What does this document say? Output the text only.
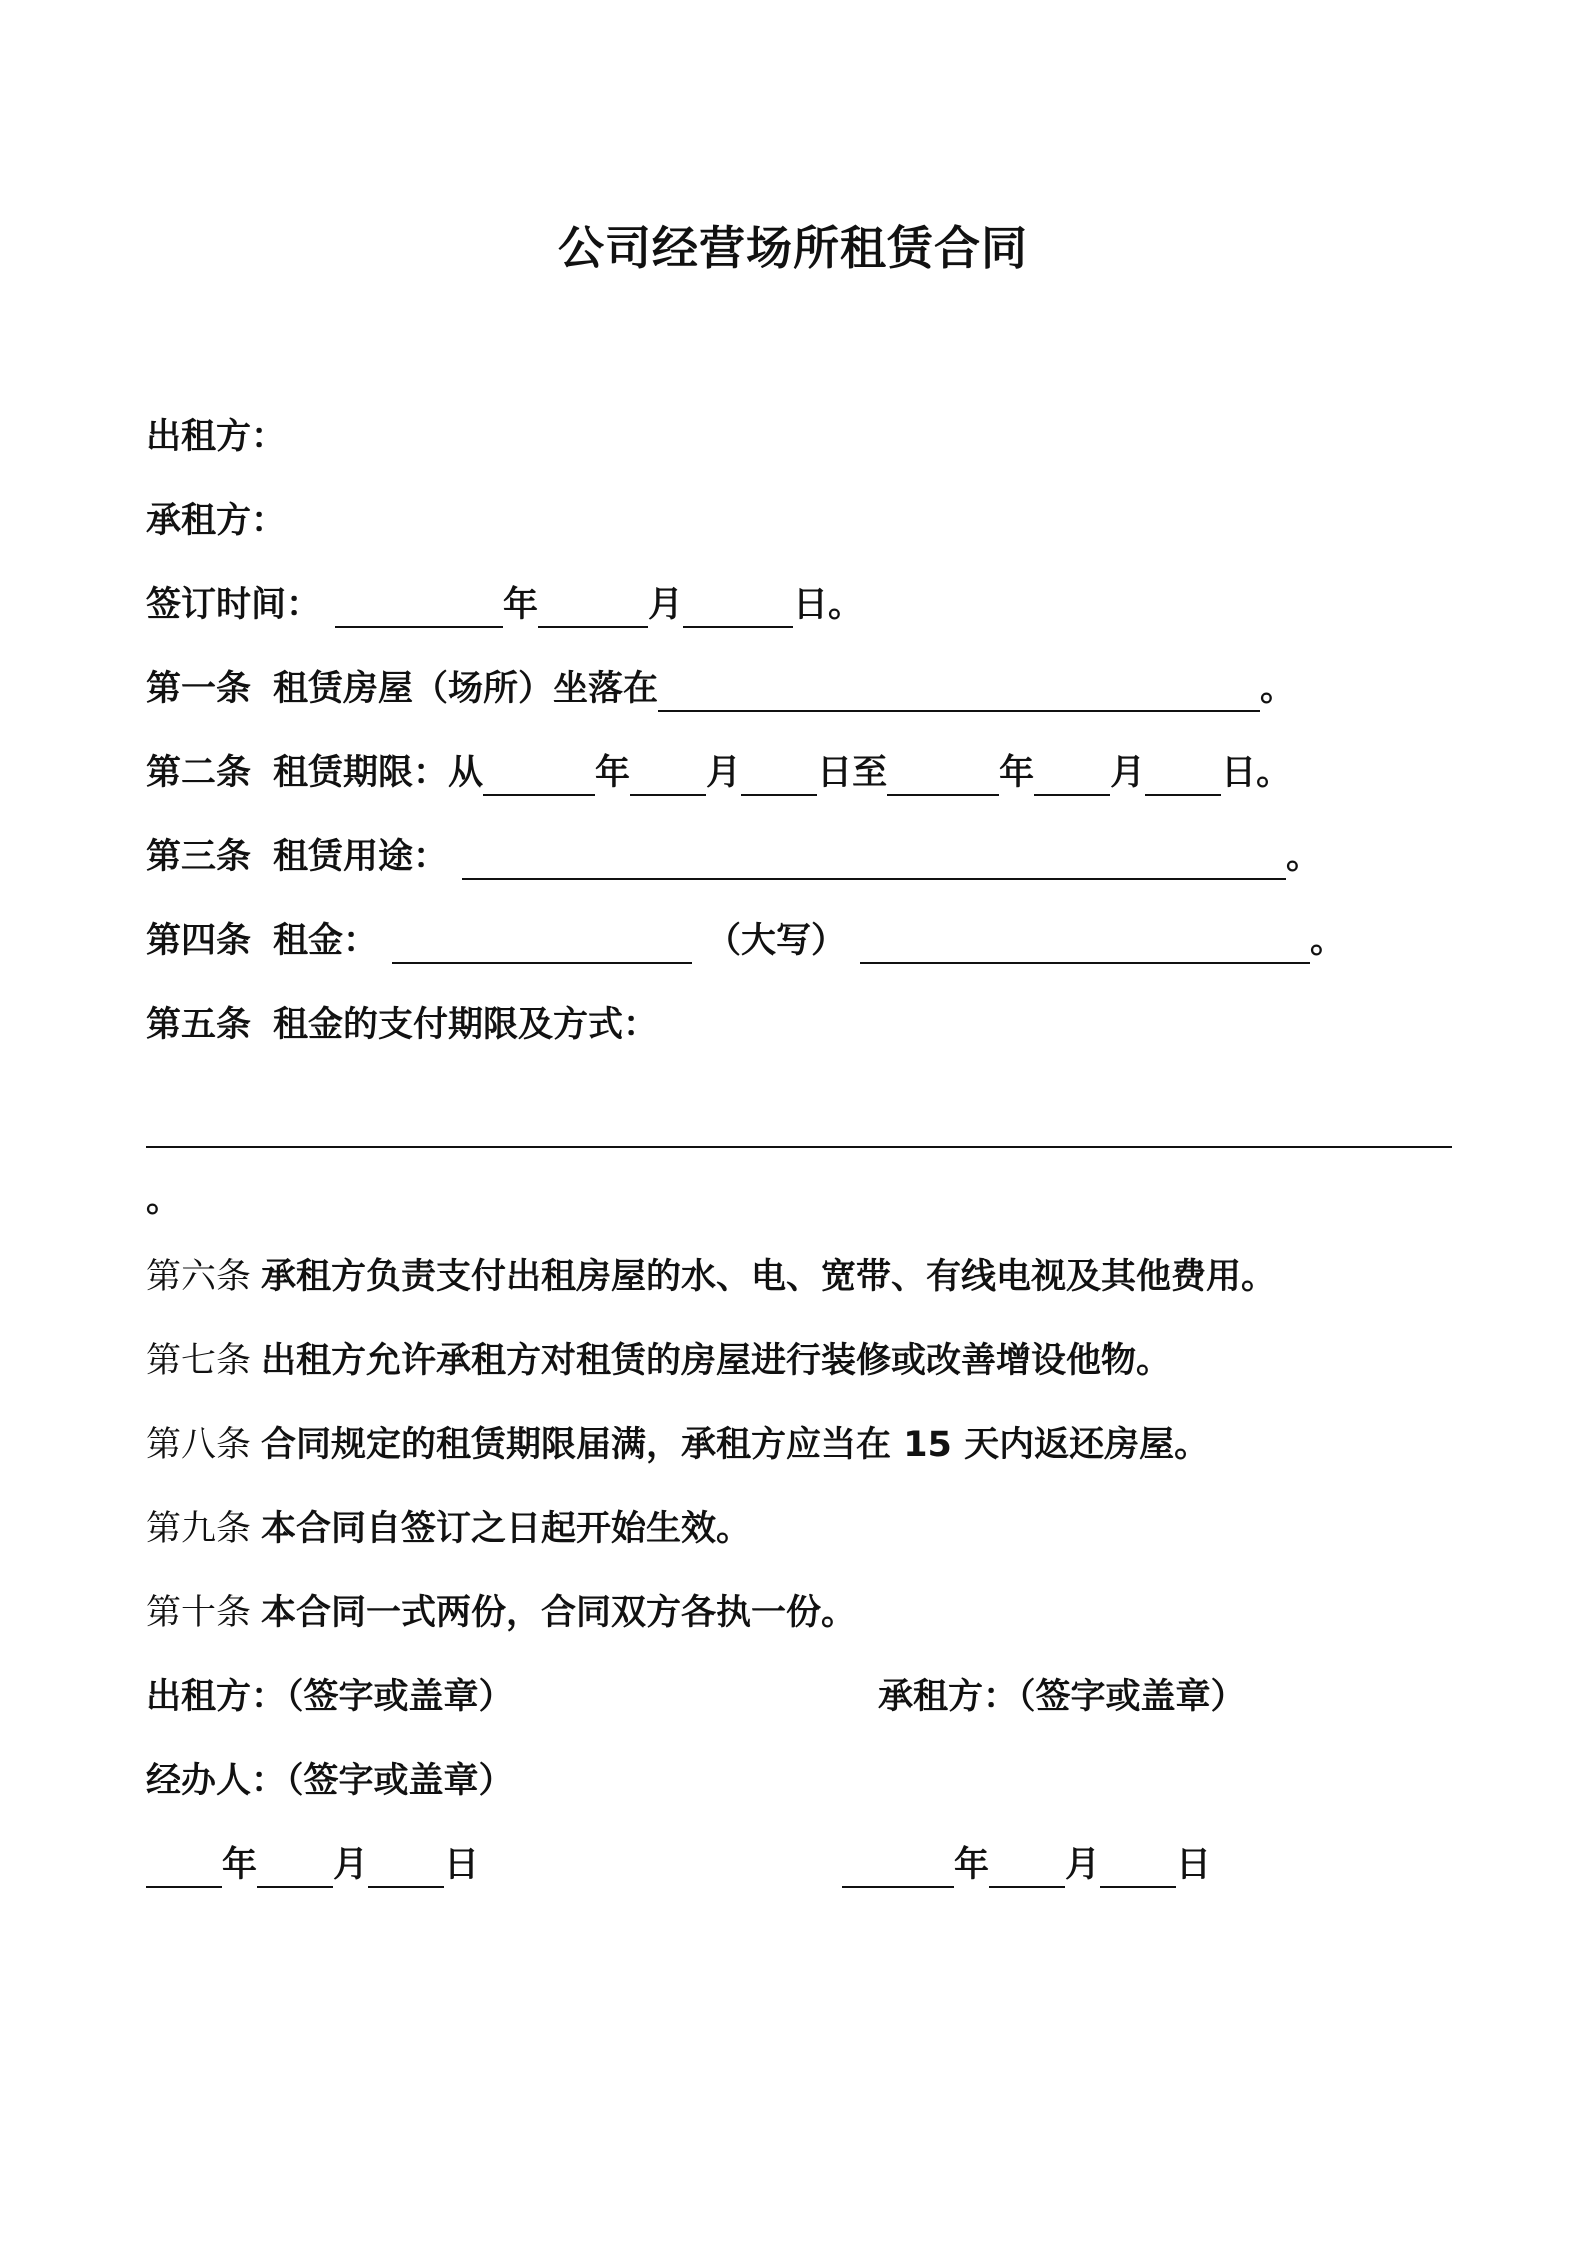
公司经营场所租赁合同
出租方：
承租方：
签订时间：	年	月	日。
第一条 租赁房屋（场所）坐落在	。
第二条 租赁期限：从	年 月 日至	年 月 日。
第三条 租赁用途：	。
第四条 租金：	（大写）	。
第五条 租金的支付期限及方式：
。
第六条 承租方负责支付出租房屋的水、电、宽带、有线电视及其他费用。
第七条 出租方允许承租方对租赁的房屋进行装修或改善增设他物。
第八条 合同规定的租赁期限届满，承租方应当在 15 天内返还房屋。
第九条 本合同自签订之日起开始生效。
第十条 本合同一式两份，合同双方各执一份。
出租方：（签字或盖章）	承租方：（签字或盖章）
经办人：（签字或盖章）
年 月 日	年 月 日
